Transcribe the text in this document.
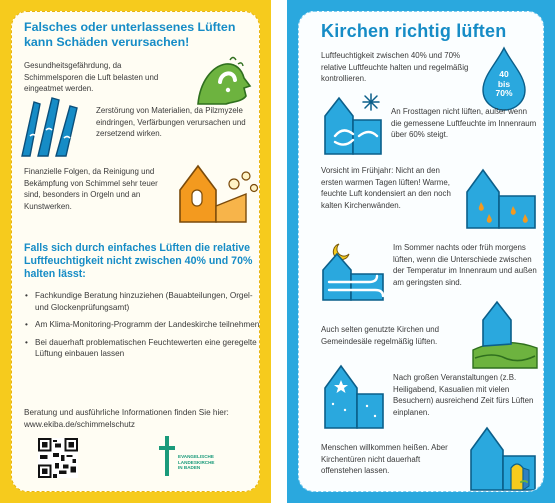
Falsches oder unterlassenes Lüften kann Schäden verursachen!
Gesundheitsgefährdung, da Schimmelsporen die Luft belasten und eingeatmet werden.
Zerstörung von Materialien, da Pilzmyzele eindringen, Verfärbungen verursachen und zersetzend wirken.
Finanzielle Folgen, da Reinigung und Bekämpfung von Schimmel sehr teuer sind, besonders in Orgeln und an Kunstwerken.
Falls sich durch einfaches Lüften die relative Luftfeuchtigkeit nicht zwischen 40% und 70% halten lässt:
• Fachkundige Beratung hinzuziehen (Bauabteilungen, Orgel- und Glockenprüfungsamt)
• Am Klima-Monitoring-Programm der Landeskirche teilnehmen
• Bei dauerhaft problematischen Feuchtewerten eine geregelte Lüftung einbauen lassen
Beratung und ausführliche Informationen finden Sie hier: www.ekiba.de/schimmelschutz
EVANGELISCHE
LANDESKIRCHE
IN BADEN
Kirchen richtig lüften
Luftfeuchtigkeit zwischen 40% und 70% relative Luftfeuchte halten und regelmäßig kontrollieren.	40
bis
70%
An Frosttagen nicht lüften, außer wenn die gemessene Luftfeuchte im Innenraum über 60% steigt.
Vorsicht im Frühjahr: Nicht an den ersten warmen Tagen lüften! Warme, feuchte Luft kondensiert an den noch kalten Kirchenwänden.
Im Sommer nachts oder früh morgens lüften, wenn die Unterschiede zwischen der Temperatur im Innenraum und außen am geringsten sind.
Auch selten genutzte Kirchen und Gemeindesäle regelmäßig lüften.
Nach großen Veranstaltungen (z.B. Heiligabend, Kasualien mit vielen Besuchern) ausreichend Zeit fürs Lüften einplanen.
Menschen willkommen heißen. Aber Kirchentüren nicht dauerhaft offenstehen lassen.
